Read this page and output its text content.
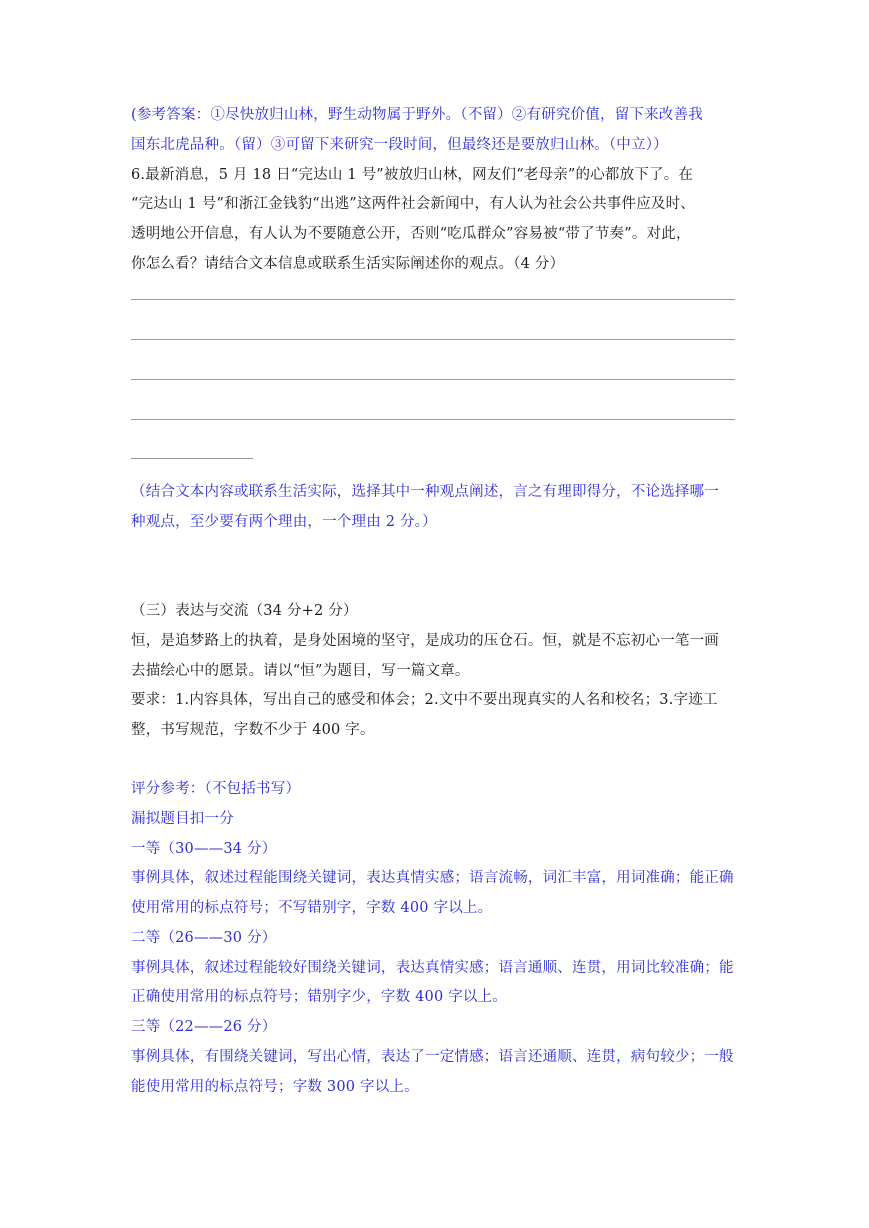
(参考答案：①尽快放归山林，野生动物属于野外。（不留）②有研究价值，留下来改善我
国东北虎品种。（留）③可留下来研究一段时间，但最终还是要放归山林。（中立））
6.最新消息，5 月 18 日“完达山 1 号”被放归山林，网友们“老母亲”的心都放下了。在
“完达山 1 号”和浙江金钱豹“出逃”这两件社会新闻中，有人认为社会公共事件应及时、
透明地公开信息，有人认为不要随意公开，否则“吃瓜群众”容易被“带了节奏”。对此，
你怎么看？请结合文本信息或联系生活实际阐述你的观点。（4 分）
（结合文本内容或联系生活实际，选择其中一种观点阐述，言之有理即得分，不论选择哪一
种观点，至少要有两个理由，一个理由 2 分。）
（三）表达与交流（34 分+2 分）
恒，是追梦路上的执着，是身处困境的坚守，是成功的压仓石。恒，就是不忘初心一笔一画
去描绘心中的愿景。请以“恒”为题目，写一篇文章。
要求：1.内容具体，写出自己的感受和体会；2.文中不要出现真实的人名和校名；3.字迹工
整，书写规范，字数不少于 400 字。
评分参考：（不包括书写）
漏拟题目扣一分
一等（30——34 分）
事例具体，叙述过程能围绕关键词，表达真情实感；语言流畅，词汇丰富，用词准确；能正确
使用常用的标点符号；不写错别字，字数 400 字以上。
二等（26——30 分）
事例具体，叙述过程能较好围绕关键词，表达真情实感；语言通顺、连贯，用词比较准确；能
正确使用常用的标点符号；错别字少，字数 400 字以上。
三等（22——26 分）
事例具体，有围绕关键词，写出心情，表达了一定情感；语言还通顺、连贯，病句较少；一般
能使用常用的标点符号；字数 300 字以上。
